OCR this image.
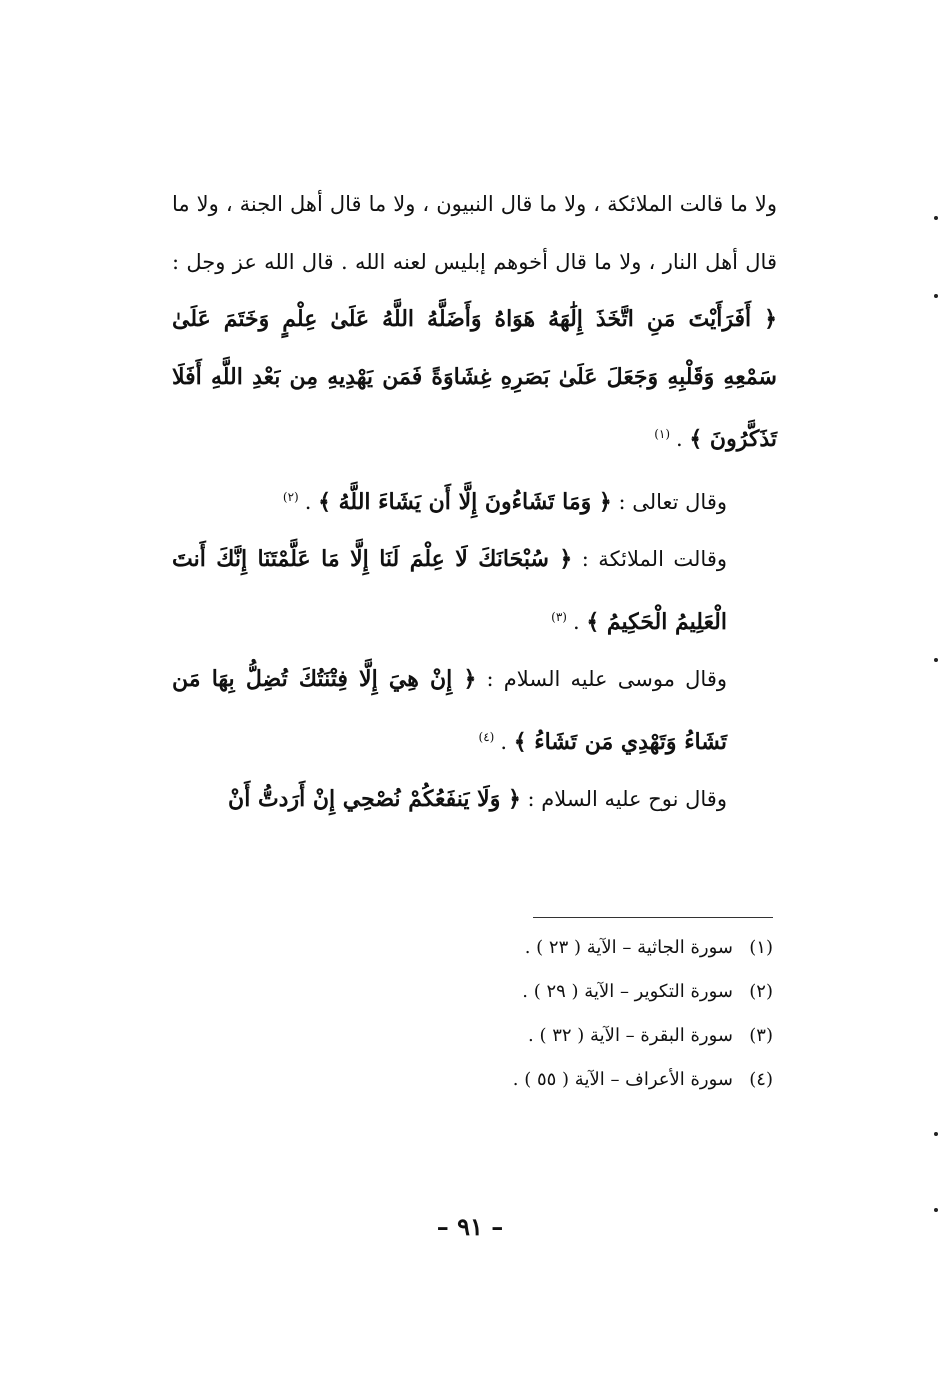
ولا ما قالت الملائكة ، ولا ما قال النبيون ، ولا ما قال أهل الجنة ، ولا ما قال أهل النار ، ولا ما قال أخوهم إبليس لعنه الله . قال الله عز وجل : ﴿ أَفَرَأَيْتَ مَنِ اتَّخَذَ إِلَٰهَهُ هَوَاهُ وَأَضَلَّهُ اللَّهُ عَلَىٰ عِلْمٍ وَخَتَمَ عَلَىٰ سَمْعِهِ وَقَلْبِهِ وَجَعَلَ عَلَىٰ بَصَرِهِ غِشَاوَةً فَمَن يَهْدِيهِ مِن بَعْدِ اللَّهِ أَفَلَا تَذَكَّرُونَ ﴾ .$^{(١)}$

وقال تعالى : ﴿ وَمَا تَشَاءُونَ إِلَّا أَن يَشَاءَ اللَّهُ ﴾ .$^{(٢)}$

وقالت الملائكة : ﴿ سُبْحَانَكَ لَا عِلْمَ لَنَا إِلَّا مَا عَلَّمْتَنَا إِنَّكَ أَنتَ الْعَلِيمُ الْحَكِيمُ ﴾ .$^{(٣)}$

وقال موسى عليه السلام : ﴿ إِنْ هِيَ إِلَّا فِتْنَتُكَ تُضِلُّ بِهَا مَن تَشَاءُ وَتَهْدِي مَن تَشَاءُ ﴾ .$^{(٤)}$

وقال نوح عليه السلام : ﴿ وَلَا يَنفَعُكُمْ نُصْحِي إِنْ أَرَدتُّ أَنْ

(١)سورة الجاثية – الآية ( ٢٣ ) .

(٢)سورة التكوير – الآية ( ٢٩ ) .

(٣)سورة البقرة – الآية ( ٣٢ ) .

(٤)سورة الأعراف – الآية ( ٥٥ ) .

– ٩١ –
